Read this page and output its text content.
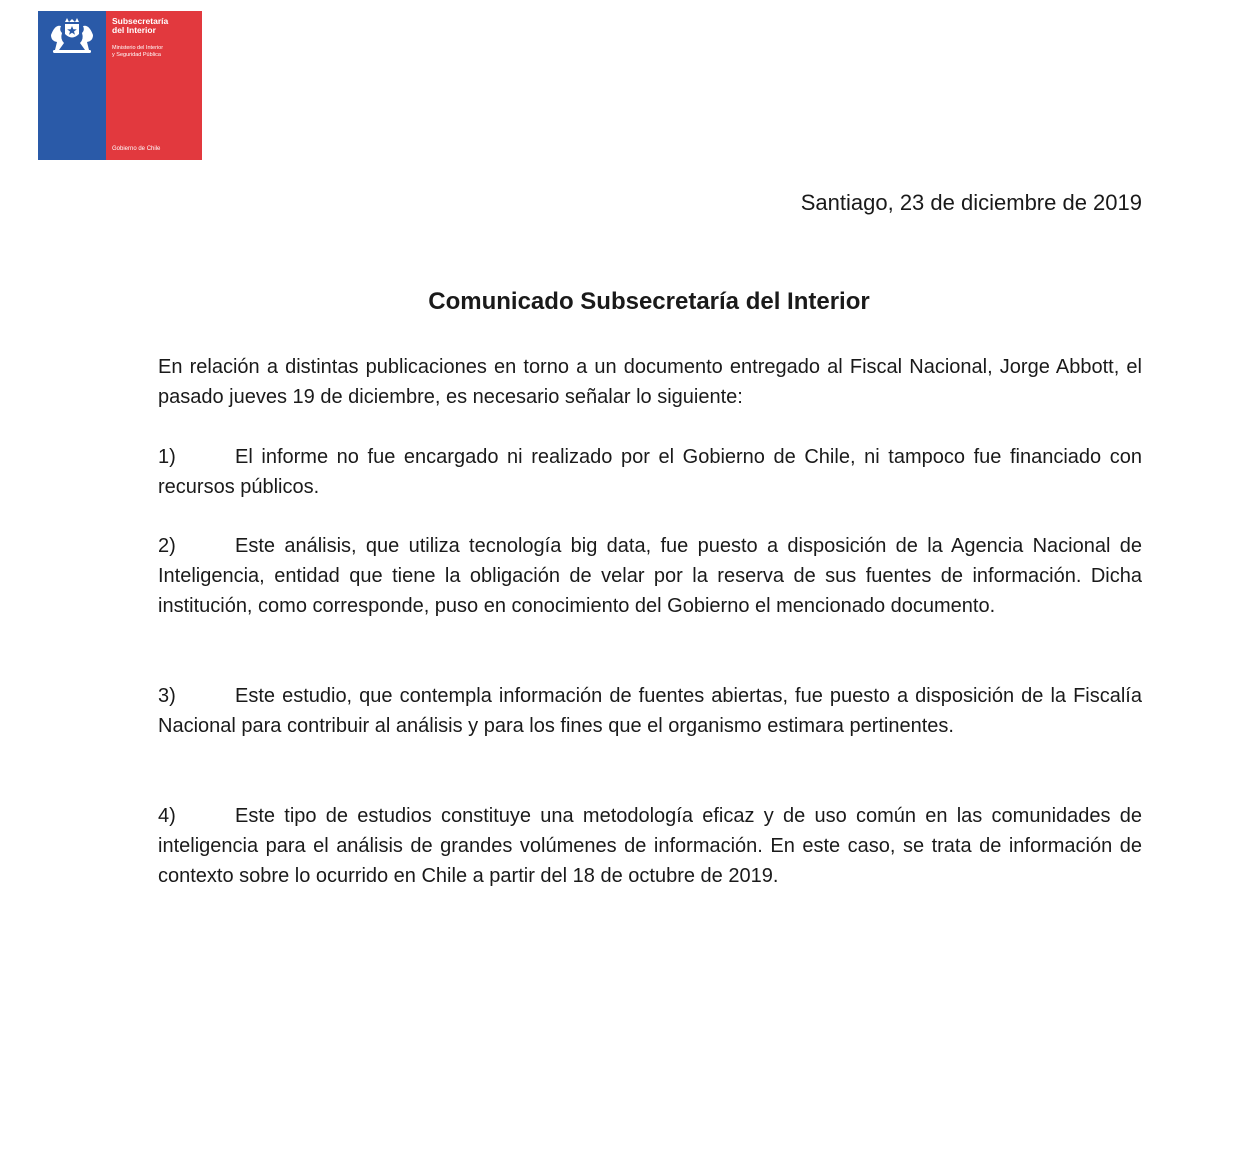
Subsecretaría
del Interior
Ministerio del Interior
y Seguridad Pública
Gobierno de Chile
Santiago, 23 de diciembre de 2019
Comunicado Subsecretaría del Interior
En relación a distintas publicaciones en torno a un documento entregado al Fiscal Nacional, Jorge Abbott, el pasado jueves 19 de diciembre, es necesario señalar lo siguiente:
1)	El informe no fue encargado ni realizado por el Gobierno de Chile, ni tampoco fue financiado con recursos públicos.
2)	Este análisis, que utiliza tecnología big data, fue puesto a disposición de la Agencia Nacional de Inteligencia, entidad que tiene la obligación de velar por la reserva de sus fuentes de información. Dicha institución, como corresponde, puso en conocimiento del Gobierno el mencionado documento.
3)	Este estudio, que contempla información de fuentes abiertas, fue puesto a disposición de la Fiscalía Nacional para contribuir al análisis y para los fines que el organismo estimara pertinentes.
4)	Este tipo de estudios constituye una metodología eficaz y de uso común en las comunidades de inteligencia para el análisis de grandes volúmenes de información. En este caso, se trata de información de contexto sobre lo ocurrido en Chile a partir del 18 de octubre de 2019.
